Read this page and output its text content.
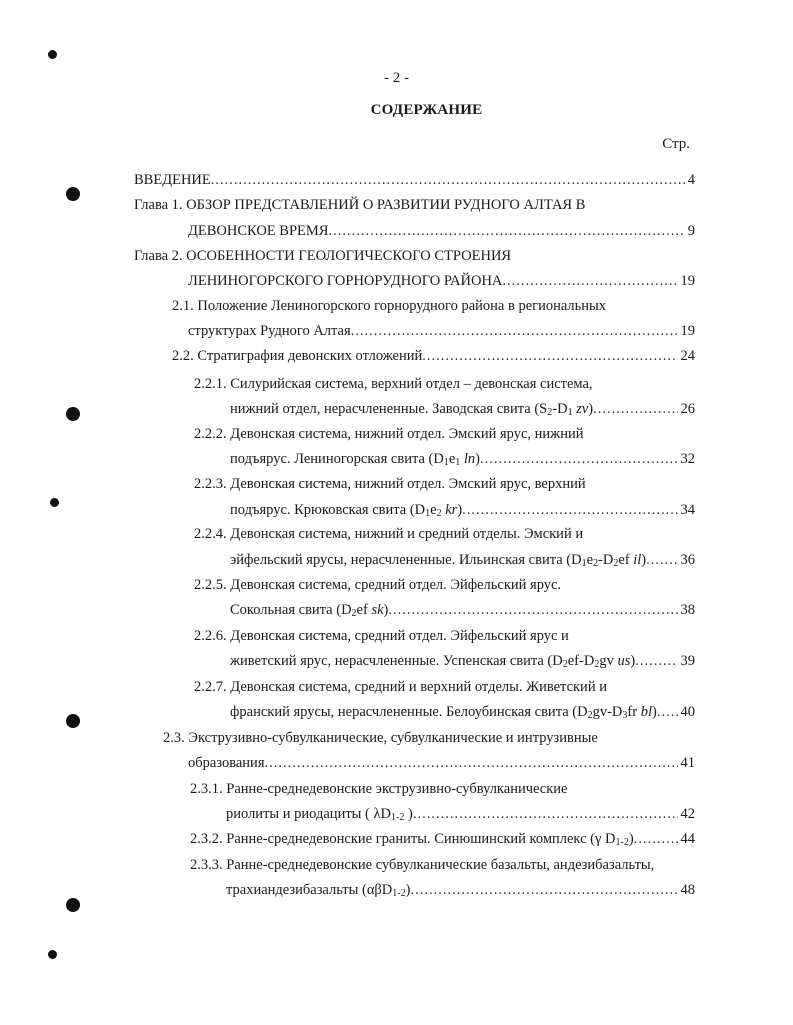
- 2 -
СОДЕРЖАНИЕ
Стр.
ВВЕДЕНИЕ .....	4
Глава 1. ОБЗОР ПРЕДСТАВЛЕНИЙ О РАЗВИТИИ РУДНОГО АЛТАЯ В
ДЕВОНСКОЕ ВРЕМЯ .....	9
Глава 2. ОСОБЕННОСТИ ГЕОЛОГИЧЕСКОГО СТРОЕНИЯ
ЛЕНИНОГОРСКОГО ГОРНОРУДНОГО РАЙОНА .....	19
2.1. Положение Лениногорского горнорудного района в региональных
структурах Рудного Алтая .....	19
2.2. Стратиграфия девонских отложений .....	24
2.2.1. Силурийская система, верхний отдел – девонская система,
нижний отдел, нерасчлененные. Заводская свита ($S_2-D_1$ zv) .....	26
2.2.2. Девонская система, нижний отдел. Эмский ярус, нижний
подъярус. Лениногорская свита ($D_1e_1$ ln) .....	32
2.2.3. Девонская система, нижний отдел. Эмский ярус, верхний
подъярус. Крюковская свита ($D_1e_2$ kr) .....	34
2.2.4. Девонская система, нижний и средний отделы. Эмский и
эйфельский ярусы, нерасчлененные. Ильинская свита ($D_1e_2-D_2ef$ il) ..... 36
2.2.5. Девонская система, средний отдел. Эйфельский ярус.
Сокольная свита ($D_2ef$ sk) .....	38
2.2.6. Девонская система, средний отдел. Эйфельский ярус и
живетский ярус, нерасчлененные. Успенская свита ($D_2ef-D_2gv$ us) .....	39
2.2.7. Девонская система, средний и верхний отделы. Живетский и
франский ярусы, нерасчлененные. Белоубинская свита ($D_2gv-D_3fr$ bl) ..... 40
2.3. Экструзивно-субвулканические, субвулканические и интрузивные
образования .....	41
2.3.1. Ранне-среднедевонские экструзивно-субвулканические
риолиты и риодациты ( $\lambda D_{1-2}$ ) .....	42
2.3.2. Ранне-среднедевонские граниты. Синюшинский комплекс (γ $D_{1-2}$) .....	44
2.3.3. Ранне-среднедевонские субвулканические базальты, андезибазальты,
трахиандезибазальты (αβD$_{1-2}$) .....	48
